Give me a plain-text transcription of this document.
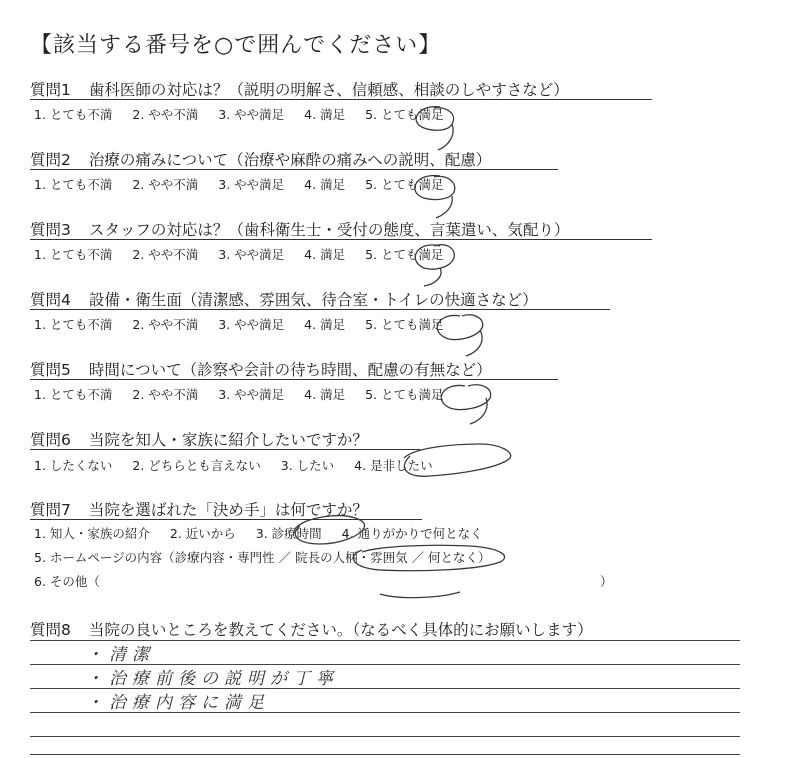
【該当する番号を○で囲んでください】
質問1 歯科医師の対応は？（説明の明解さ、信頼感、相談のしやすさなど）
1. とても不満 2. やや不満 3. やや満足 4. 満足 5. とても満足
質問2 治療の痛みについて（治療や麻酔の痛みへの説明、配慮）
1. とても不満 2. やや不満 3. やや満足 4. 満足 5. とても満足
質問3 スタッフの対応は？（歯科衛生士・受付の態度、言葉遣い、気配り）
1. とても不満 2. やや不満 3. やや満足 4. 満足 5. とても満足
質問4 設備・衛生面（清潔感、雰囲気、待合室・トイレの快適さなど）
1. とても不満 2. やや不満 3. やや満足 4. 満足 5. とても満足
質問5 時間について（診察や会計の待ち時間、配慮の有無など）
1. とても不満 2. やや不満 3. やや満足 4. 満足 5. とても満足
質問6 当院を知人・家族に紹介したいですか？
1. したくない 2. どちらとも言えない 3. したい 4. 是非したい
質問7 当院を選ばれた「決め手」は何ですか？
1. 知人・家族の紹介 2. 近いから 3. 診療時間 4. 通りがかりで何となく
5. ホームページの内容（診療内容・専門性 ／ 院長の人柄・雰囲気 ／ 何となく）
6. その他（	）
質問8 当院の良いところを教えてください。（なるべく具体的にお願いします）
・清潔
・治療前後の説明が丁寧
・治療内容に満足
